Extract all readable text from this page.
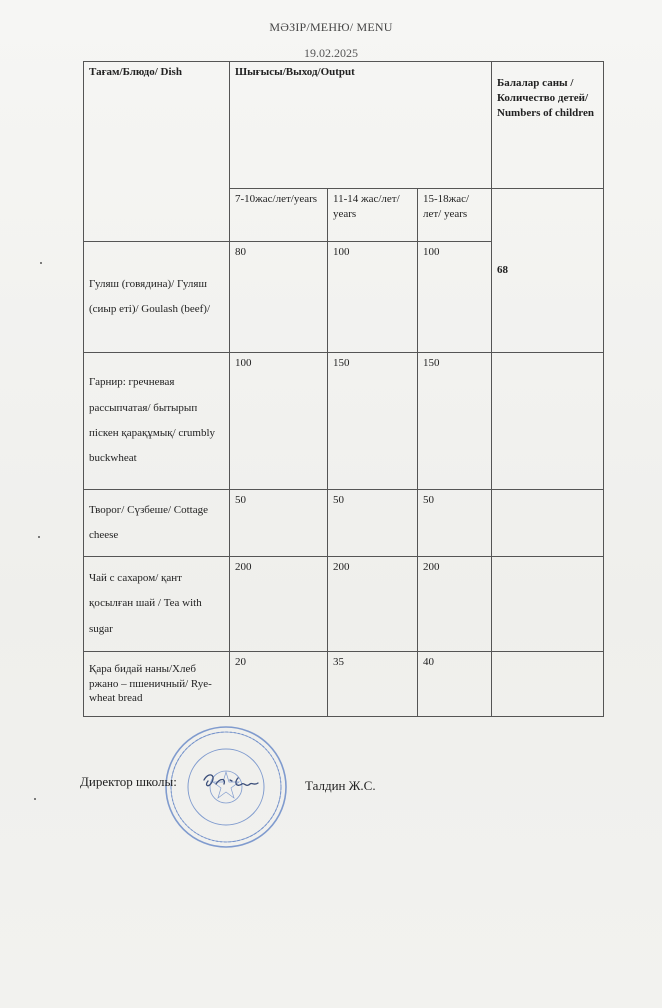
МӘЗІР/МЕНЮ/ MENU
19.02.2025
Тағам/Блюдо/ Dish	Шығысы/Выход/Output			Балалар саны /Количество детей/ Numbers of children
	7-10жас/лет/years	11-14 жас/лет/ years	15-18жас/лет/ years	68
Гуляш (говядина)/ Гуляш (сиыр еті)/ Goulash (beef)/	80	100	100	
Гарнир: гречневая рассыпчатая/ бытырып піскен қарақұмық/ crumbly buckwheat	100	150	150	
Творог/ Сүзбеше/ Cottage cheese	50	50	50	
Чай с сахаром/ қант қосылған шай / Tea with sugar	200	200	200	
Қара бидай наны/Хлеб ржано – пшеничный/ Rye-wheat bread	20	35	40	
Директор школы:	Талдин Ж.С.
